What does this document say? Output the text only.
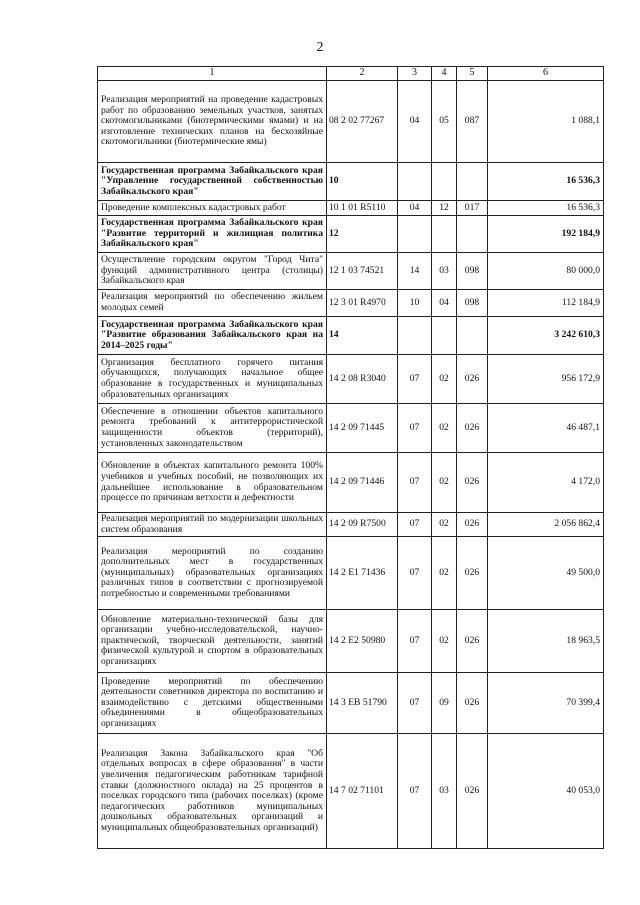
2
1	2	3	4	5	6
Реализация мероприятий на проведение кадастровых работ по образованию земельных участков, занятых скотомогильниками (биотермическими ямами) и на изготовление технических планов на бесхозяйные скотомогильники (биотермические ямы)	08 2 02 77267	04	05	087	1 088,1
Государственная программа Забайкальского края "Управление государственной собственностью Забайкальского края"	10				16 536,3
Проведение комплексных кадастровых работ	10 1 01 R5110	04	12	017	16 536,3
Государственная программа Забайкальского края "Развитие территорий и жилищная политика Забайкальского края"	12				192 184,9
Осуществление городским округом "Город Чита" функций административного центра (столицы) Забайкальского края	12 1 03 74521	14	03	098	80 000,0
Реализация мероприятий по обеспечению жильем молодых семей	12 3 01 R4970	10	04	098	112 184,9
Государственная программа Забайкальского края "Развитие образования Забайкальского края на 2014–2025 годы"	14				3 242 610,3
Организация бесплатного горячего питания обучающихся, получающих начальное общее образование в государственных и муниципальных образовательных организациях	14 2 08 R3040	07	02	026	956 172,9
Обеспечение в отношении объектов капитального ремонта требований к антитеррористической защищенности объектов (территорий), установленных законодательством	14 2 09 71445	07	02	026	46 487,1
Обновление в объектах капитального ремонта 100% учебников и учебных пособий, не позволяющих их дальнейшее использование в образовательном процессе по причинам ветхости и дефектности	14 2 09 71446	07	02	026	4 172,0
Реализация мероприятий по модернизации школьных систем образования	14 2 09 R7500	07	02	026	2 056 862,4
Реализация мероприятий по созданию дополнительных мест в государственных (муниципальных) образовательных организациях различных типов в соответствии с прогнозируемой потребностью и современными требованиями	14 2 E1 71436	07	02	026	49 500,0
Обновление материально-технической базы для организации учебно-исследовательской, научно-практической, творческой деятельности, занятий физической культурой и спортом в образовательных организациях	14 2 E2 50980	07	02	026	18 963,5
Проведение мероприятий по обеспечению деятельности советников директора по воспитанию и взаимодействию с детскими общественными объединениями в общеобразовательных организациях	14 3 EB 51790	07	09	026	70 399,4
Реализация Закона Забайкальского края "Об отдельных вопросах в сфере образования" в части увеличения педагогическим работникам тарифной ставки (должностного оклада) на 25 процентов в поселках городского типа (рабочих поселках) (кроме педагогических работников муниципальных дошкольных образовательных организаций и муниципальных общеобразовательных организаций)	14 7 02 71101	07	03	026	40 053,0
